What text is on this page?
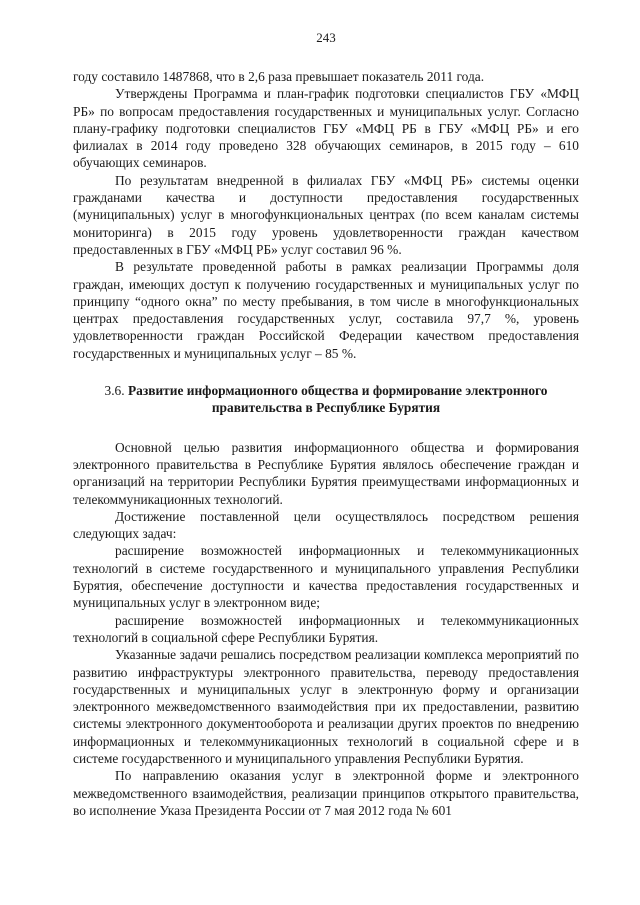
243

году составило 1487868, что в 2,6 раза превышает показатель 2011 года.

Утверждены Программа и план-график подготовки специалистов ГБУ «МФЦ РБ» по вопросам предоставления государственных и муниципальных услуг. Согласно плану-графику подготовки специалистов ГБУ «МФЦ РБ в ГБУ «МФЦ РБ» и его филиалах в 2014 году проведено 328 обучающих семинаров, в 2015 году – 610 обучающих семинаров.

По результатам внедренной в филиалах ГБУ «МФЦ РБ» системы оценки гражданами качества и доступности предоставления государственных (муниципальных) услуг в многофункциональных центрах (по всем каналам системы мониторинга) в 2015 году уровень удовлетворенности граждан качеством предоставленных в ГБУ «МФЦ РБ» услуг составил 96 %.

В результате проведенной работы в рамках реализации Программы доля граждан, имеющих доступ к получению государственных и муниципальных услуг по принципу “одного окна” по месту пребывания, в том числе в многофункциональных центрах предоставления государственных услуг, составила 97,7 %, уровень удовлетворенности граждан Российской Федерации качеством предоставления государственных и муниципальных услуг – 85 %.

3.6. Развитие информационного общества и формирование электронного правительства в Республике Бурятия

Основной целью развития информационного общества и формирования электронного правительства в Республике Бурятия являлось обеспечение граждан и организаций на территории Республики Бурятия преимуществами информационных и телекоммуникационных технологий.

Достижение поставленной цели осуществлялось посредством решения следующих задач:

расширение возможностей информационных и телекоммуникационных технологий в системе государственного и муниципального управления Республики Бурятия, обеспечение доступности и качества предоставления государственных и муниципальных услуг в электронном виде;

расширение возможностей информационных и телекоммуникационных технологий в социальной сфере Республики Бурятия.

Указанные задачи решались посредством реализации комплекса мероприятий по развитию инфраструктуры электронного правительства, переводу предоставления государственных и муниципальных услуг в электронную форму и организации электронного межведомственного взаимодействия при их предоставлении, развитию системы электронного документооборота и реализации других проектов по внедрению информационных и телекоммуникационных технологий в социальной сфере и в системе государственного и муниципального управления Республики Бурятия.

По направлению оказания услуг в электронной форме и электронного межведомственного взаимодействия, реализации принципов открытого правительства, во исполнение Указа Президента России от 7 мая 2012 года № 601
